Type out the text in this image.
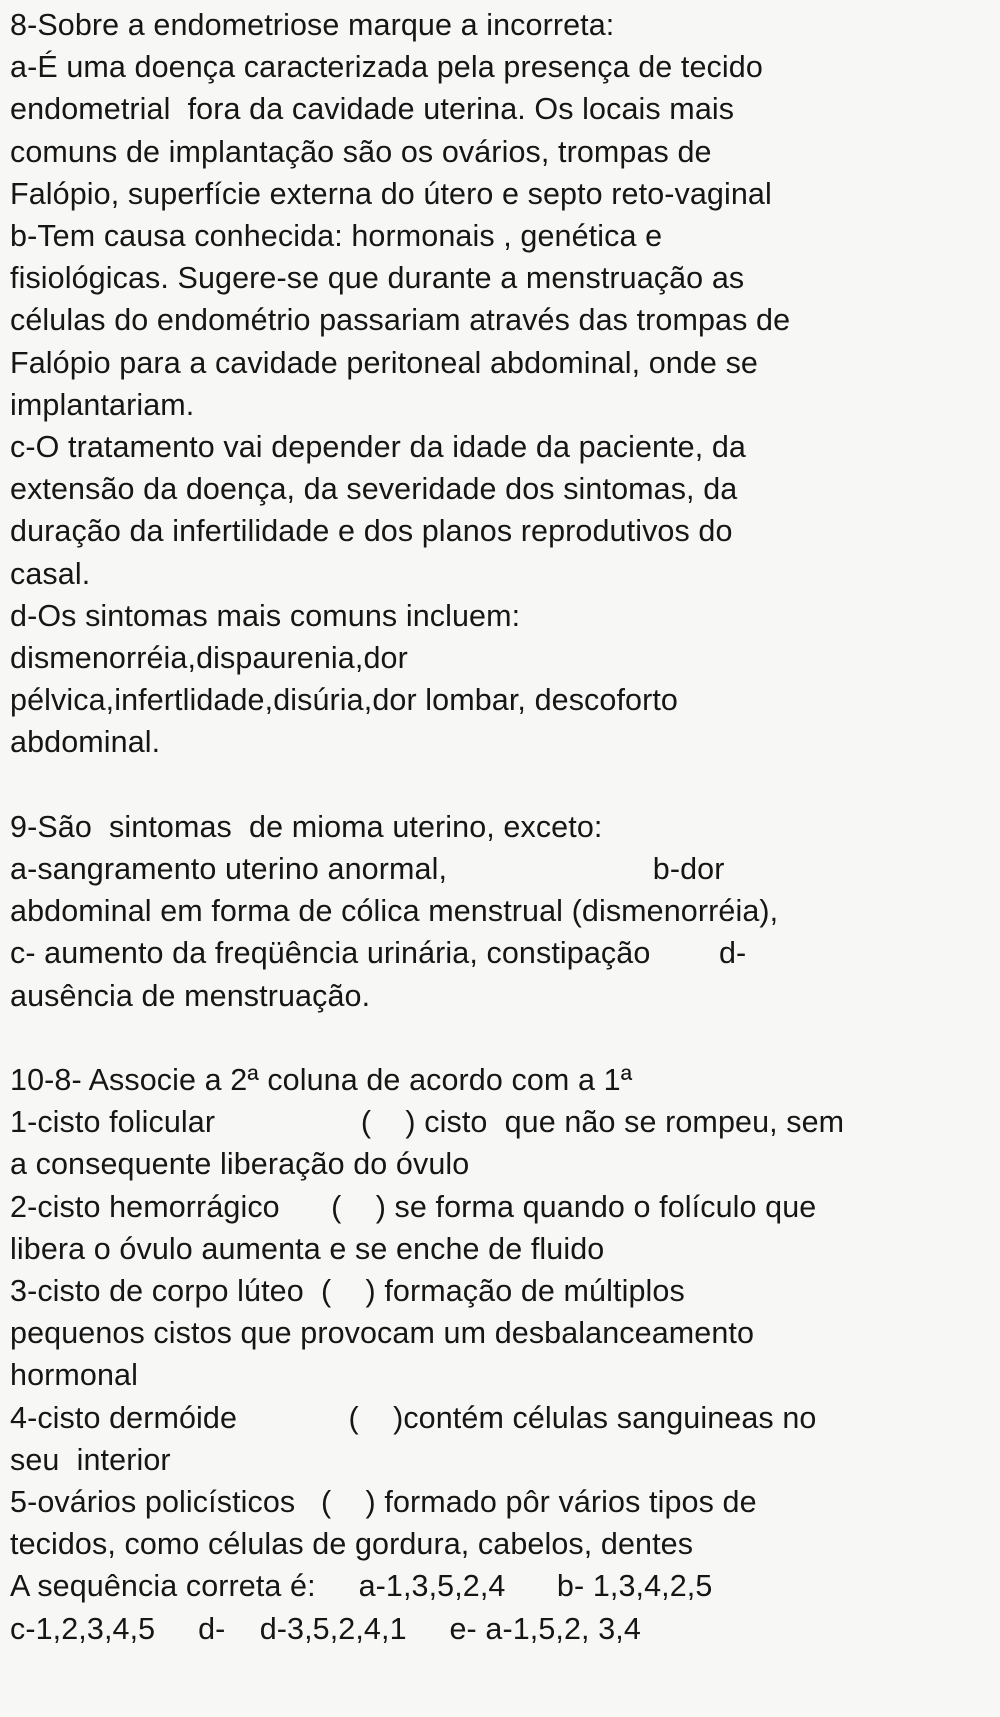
8-Sobre a endometriose marque a incorreta:
a-É uma doença caracterizada pela presença de tecido
endometrial  fora da cavidade uterina. Os locais mais
comuns de implantação são os ovários, trompas de
Falópio, superfície externa do útero e septo reto-vaginal
b-Tem causa conhecida: hormonais , genética e
fisiológicas. Sugere-se que durante a menstruação as
células do endométrio passariam através das trompas de
Falópio para a cavidade peritoneal abdominal, onde se
implantariam.
c-O tratamento vai depender da idade da paciente, da
extensão da doença, da severidade dos sintomas, da
duração da infertilidade e dos planos reprodutivos do
casal.
d-Os sintomas mais comuns incluem:
dismenorréia,dispaurenia,dor
pélvica,infertlidade,disúria,dor lombar, descoforto
abdominal.
9-São  sintomas  de mioma uterino, exceto:
a-sangramento uterino anormal,                        b-dor
abdominal em forma de cólica menstrual (dismenorréia),
c- aumento da freqüência urinária, constipação        d-
ausência de menstruação.
10-8- Associe a 2ª coluna de acordo com a 1ª
1-cisto folicular                 (    ) cisto  que não se rompeu, sem
a consequente liberação do óvulo
2-cisto hemorrágico      (    ) se forma quando o folículo que
libera o óvulo aumenta e se enche de fluido
3-cisto de corpo lúteo  (    ) formação de múltiplos
pequenos cistos que provocam um desbalanceamento
hormonal
4-cisto dermóide             (    )contém células sanguineas no
seu  interior
5-ovários policísticos   (    ) formado pôr vários tipos de
tecidos, como células de gordura, cabelos, dentes
A sequência correta é:     a-1,3,5,2,4      b- 1,3,4,2,5
c-1,2,3,4,5     d-    d-3,5,2,4,1     e- a-1,5,2, 3,4
